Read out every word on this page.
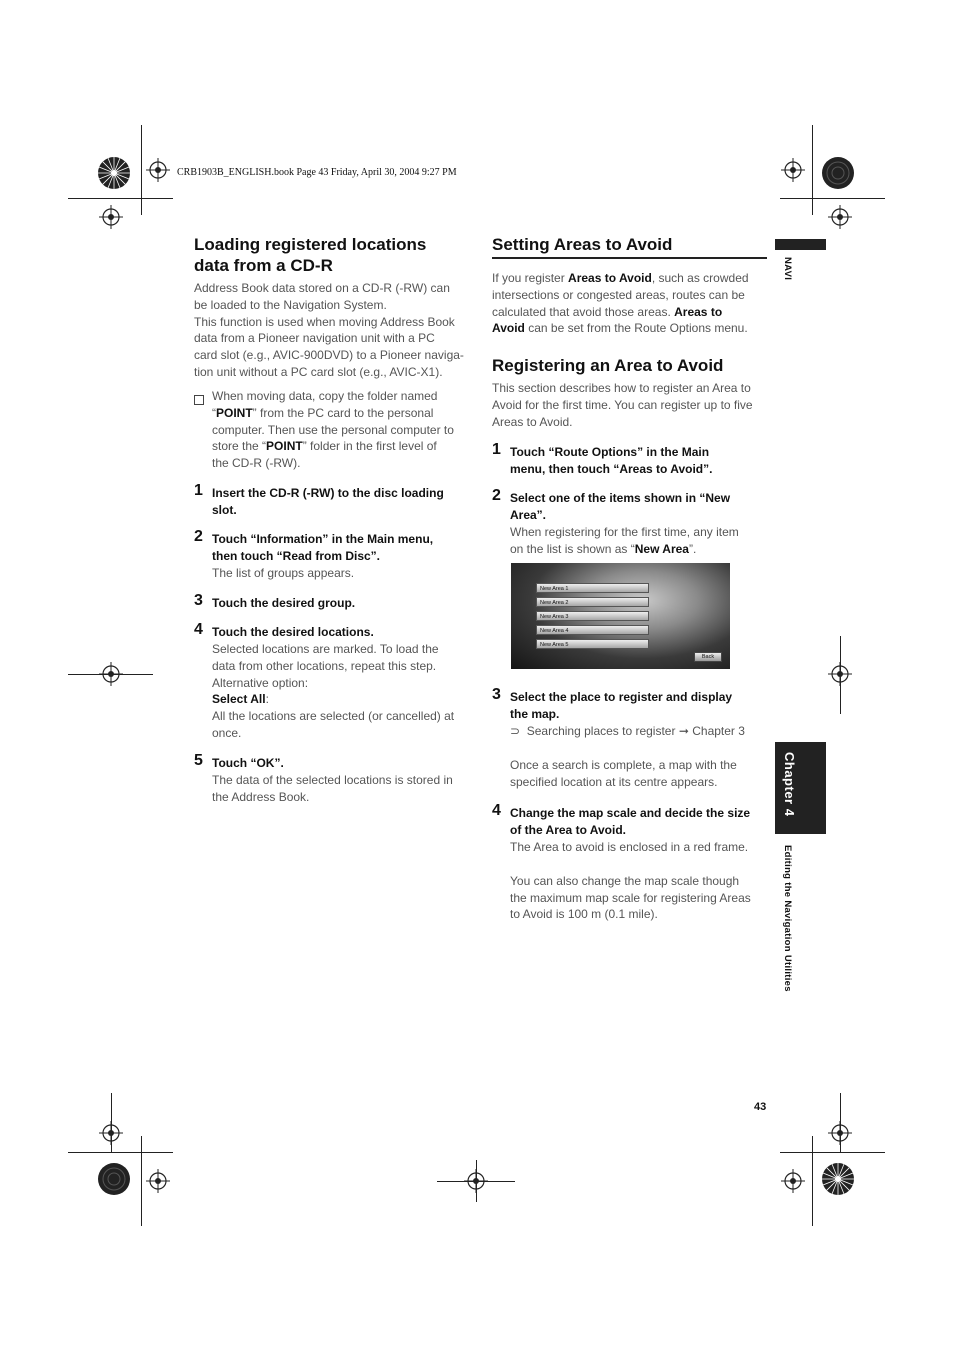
CRB1903B_ENGLISH.book Page 43 Friday, April 30, 2004 9:27 PM
NAVI
Chapter 4
Editing the Navigation Utilities
Loading registered locations
data from a CD-R
Address Book data stored on a CD-R (-RW) can
be loaded to the Navigation System.
This function is used when moving Address Book
data from a Pioneer navigation unit with a PC
card slot (e.g., AVIC-900DVD) to a Pioneer naviga-
tion unit without a PC card slot (e.g., AVIC-X1).
When moving data, copy the folder named
“POINT” from the PC card to the personal
computer. Then use the personal computer to
store the “POINT” folder in the first level of
the CD-R (-RW).
1 Insert the CD-R (-RW) to the disc loading
slot.
2 Touch “Information” in the Main menu,
then touch “Read from Disc”.
The list of groups appears.
3 Touch the desired group.
4 Touch the desired locations.
Selected locations are marked. To load the
data from other locations, repeat this step.
Alternative option:
Select All:
All the locations are selected (or cancelled) at
once.
5 Touch “OK”.
The data of the selected locations is stored in
the Address Book.
Setting Areas to Avoid
If you register Areas to Avoid, such as crowded
intersections or congested areas, routes can be
calculated that avoid those areas. Areas to
Avoid can be set from the Route Options menu.
Registering an Area to Avoid
This section describes how to register an Area to
Avoid for the first time. You can register up to five
Areas to Avoid.
1 Touch “Route Options” in the Main
menu, then touch “Areas to Avoid”.
2 Select one of the items shown in “New
Area”.
When registering for the first time, any item
on the list is shown as “New Area”.
New Area 1
New Area 2
New Area 3
New Area 4
New Area 5
Back
3 Select the place to register and display
the map.
⊃ Searching places to register ➞ Chapter 3
Once a search is complete, a map with the
specified location at its centre appears.
4 Change the map scale and decide the size
of the Area to Avoid.
The Area to avoid is enclosed in a red frame.
You can also change the map scale though
the maximum map scale for registering Areas
to Avoid is 100 m (0.1 mile).
43
